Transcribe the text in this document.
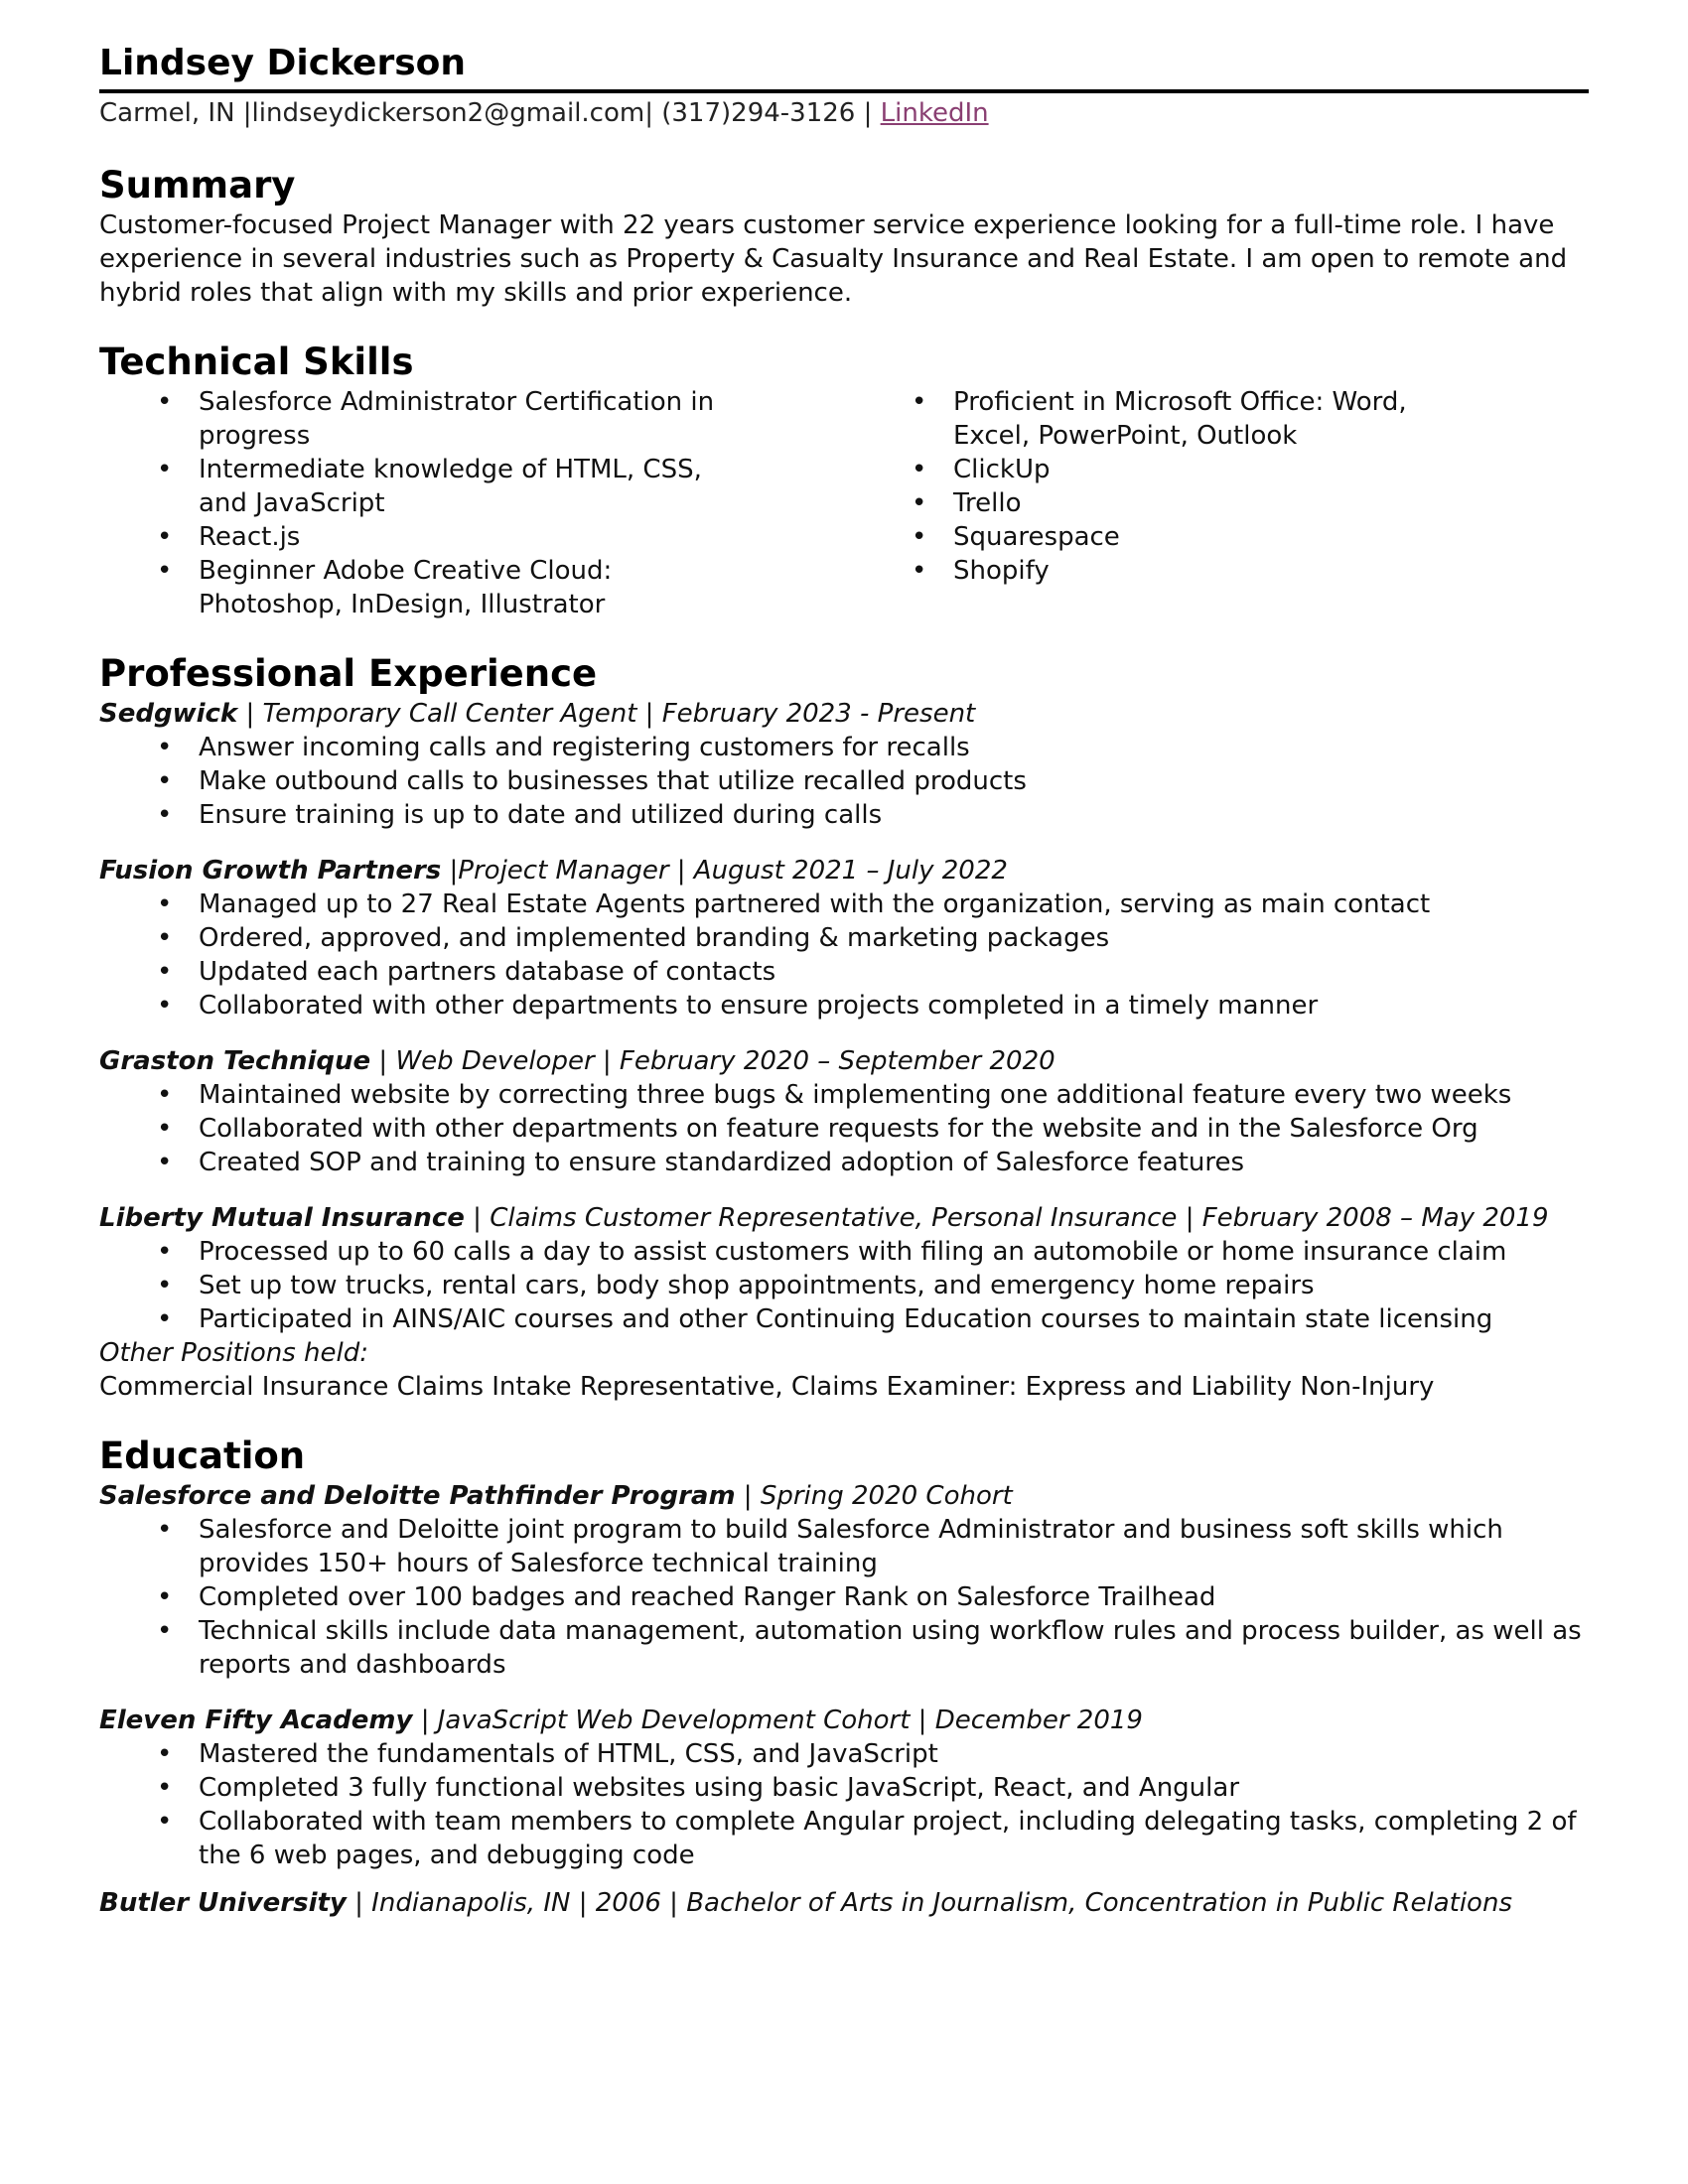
Lindsey Dickerson

Carmel, IN |lindseydickerson2@gmail.com| (317)294-3126 | LinkedIn

Summary

Customer-focused Project Manager with 22 years customer service experience looking for a full-time role. I have experience in several industries such as Property & Casualty Insurance and Real Estate. I am open to remote and hybrid roles that align with my skills and prior experience.

Technical Skills
• Salesforce Administrator Certification in progress
• Intermediate knowledge of HTML, CSS, and JavaScript
• React.js
• Beginner Adobe Creative Cloud: Photoshop, InDesign, Illustrator
• Proficient in Microsoft Office: Word, Excel, PowerPoint, Outlook
• ClickUp
• Trello
• Squarespace
• Shopify
Professional Experience

Sedgwick | Temporary Call Center Agent | February 2023 - Present

• Answer incoming calls and registering customers for recalls
• Make outbound calls to businesses that utilize recalled products
• Ensure training is up to date and utilized during calls

Fusion Growth Partners |Project Manager | August 2021 – July 2022

• Managed up to 27 Real Estate Agents partnered with the organization, serving as main contact
• Ordered, approved, and implemented branding & marketing packages
• Updated each partners database of contacts
• Collaborated with other departments to ensure projects completed in a timely manner

Graston Technique | Web Developer | February 2020 – September 2020

• Maintained website by correcting three bugs & implementing one additional feature every two weeks
• Collaborated with other departments on feature requests for the website and in the Salesforce Org
• Created SOP and training to ensure standardized adoption of Salesforce features

Liberty Mutual Insurance | Claims Customer Representative, Personal Insurance | February 2008 – May 2019

• Processed up to 60 calls a day to assist customers with filing an automobile or home insurance claim
• Set up tow trucks, rental cars, body shop appointments, and emergency home repairs
• Participated in AINS/AIC courses and other Continuing Education courses to maintain state licensing

Other Positions held:

Commercial Insurance Claims Intake Representative, Claims Examiner: Express and Liability Non-Injury

Education

Salesforce and Deloitte Pathfinder Program | Spring 2020 Cohort

• Salesforce and Deloitte joint program to build Salesforce Administrator and business soft skills which provides 150+ hours of Salesforce technical training
• Completed over 100 badges and reached Ranger Rank on Salesforce Trailhead
• Technical skills include data management, automation using workflow rules and process builder, as well as reports and dashboards

Eleven Fifty Academy | JavaScript Web Development Cohort | December 2019

• Mastered the fundamentals of HTML, CSS, and JavaScript
• Completed 3 fully functional websites using basic JavaScript, React, and Angular
• Collaborated with team members to complete Angular project, including delegating tasks, completing 2 of the 6 web pages, and debugging code

Butler University | Indianapolis, IN | 2006 | Bachelor of Arts in Journalism, Concentration in Public Relations
